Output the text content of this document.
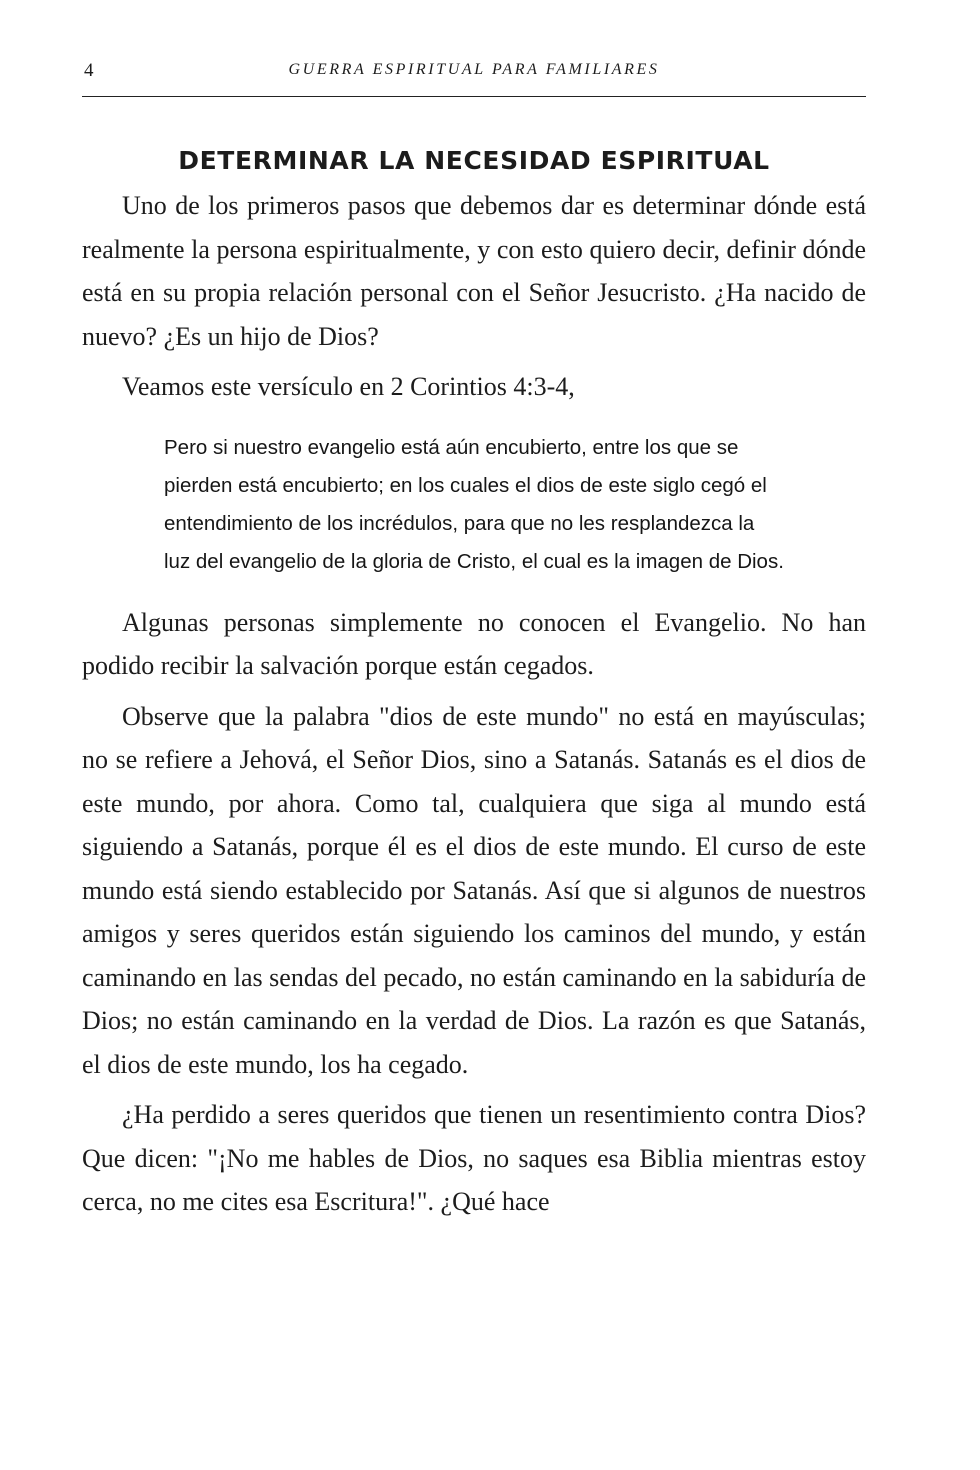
4	GUERRA ESPIRITUAL PARA FAMILIARES
DETERMINAR LA NECESIDAD ESPIRITUAL

Uno de los primeros pasos que debemos dar es determinar dónde está realmente la persona espiritualmente, y con esto quiero decir, definir dónde está en su propia relación personal con el Señor Jesucristo. ¿Ha nacido de nuevo? ¿Es un hijo de Dios?

Veamos este versículo en 2 Corintios 4:3-4,

Pero si nuestro evangelio está aún encubierto, entre los que se pierden está encubierto; en los cuales el dios de este siglo cegó el entendimiento de los incrédulos, para que no les resplandezca la luz del evangelio de la gloria de Cristo, el cual es la imagen de Dios.

Algunas personas simplemente no conocen el Evangelio. No han podido recibir la salvación porque están cegados.

Observe que la palabra "dios de este mundo" no está en mayúsculas; no se refiere a Jehová, el Señor Dios, sino a Satanás. Satanás es el dios de este mundo, por ahora. Como tal, cualquiera que siga al mundo está siguiendo a Satanás, porque él es el dios de este mundo. El curso de este mundo está siendo establecido por Satanás. Así que si algunos de nuestros amigos y seres queridos están siguiendo los caminos del mundo, y están caminando en las sendas del pecado, no están caminando en la sabiduría de Dios; no están caminando en la verdad de Dios. La razón es que Satanás, el dios de este mundo, los ha cegado.

¿Ha perdido a seres queridos que tienen un resentimiento contra Dios? Que dicen: "¡No me hables de Dios, no saques esa Biblia mientras estoy cerca, no me cites esa Escritura!". ¿Qué hace
